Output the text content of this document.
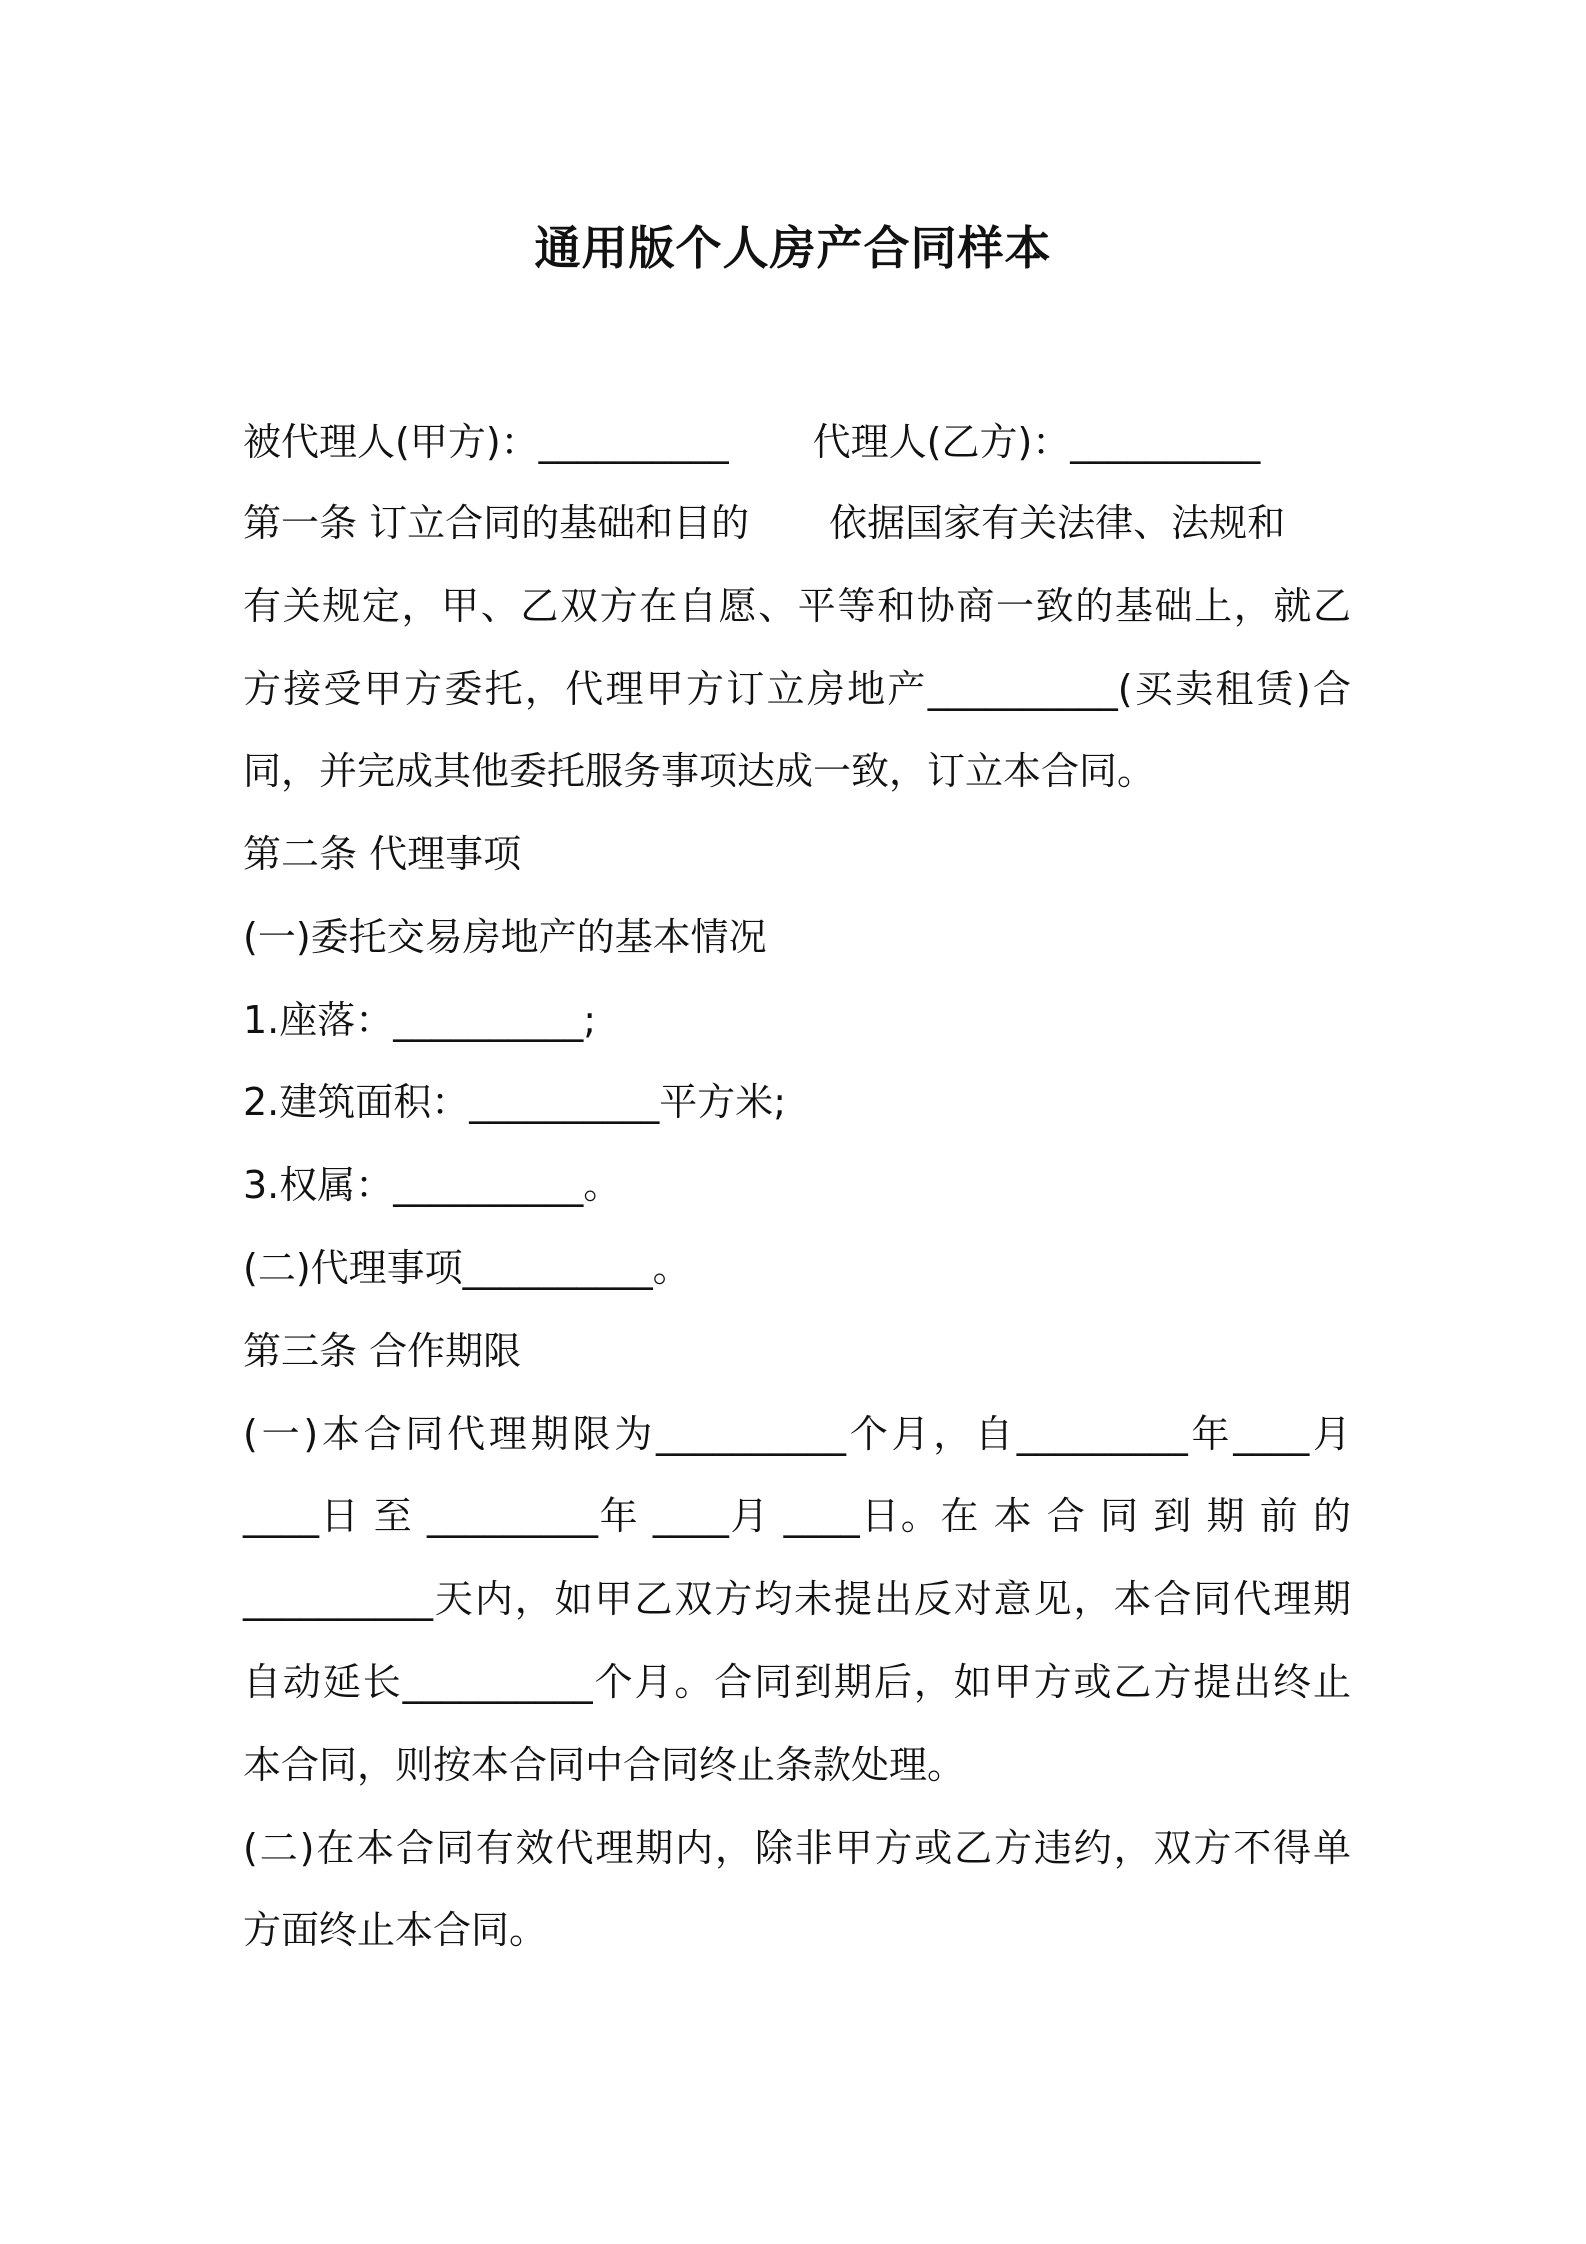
通用版个人房产合同样本
被代理人(甲方)：__________ 代理人(乙方)：__________
第一条 订立合同的基础和目的 依据国家有关法律、法规和
有关规定，甲、乙双方在自愿、平等和协商一致的基础上，就乙
方接受甲方委托，代理甲方订立房地产__________(买卖租赁)合
同，并完成其他委托服务事项达成一致，订立本合同。
第二条 代理事项
(一)委托交易房地产的基本情况
1.座落：__________;
2.建筑面积：__________平方米;
3.权属：__________。
(二)代理事项__________。
第三条 合作期限
(一)本合同代理期限为__________个月，自_________年____月
____日 至 _________年 ____月 ____日。在 本 合 同 到 期 前 的
__________天内，如甲乙双方均未提出反对意见，本合同代理期
自动延长__________个月。合同到期后，如甲方或乙方提出终止
本合同，则按本合同中合同终止条款处理。
(二)在本合同有效代理期内，除非甲方或乙方违约，双方不得单
方面终止本合同。
